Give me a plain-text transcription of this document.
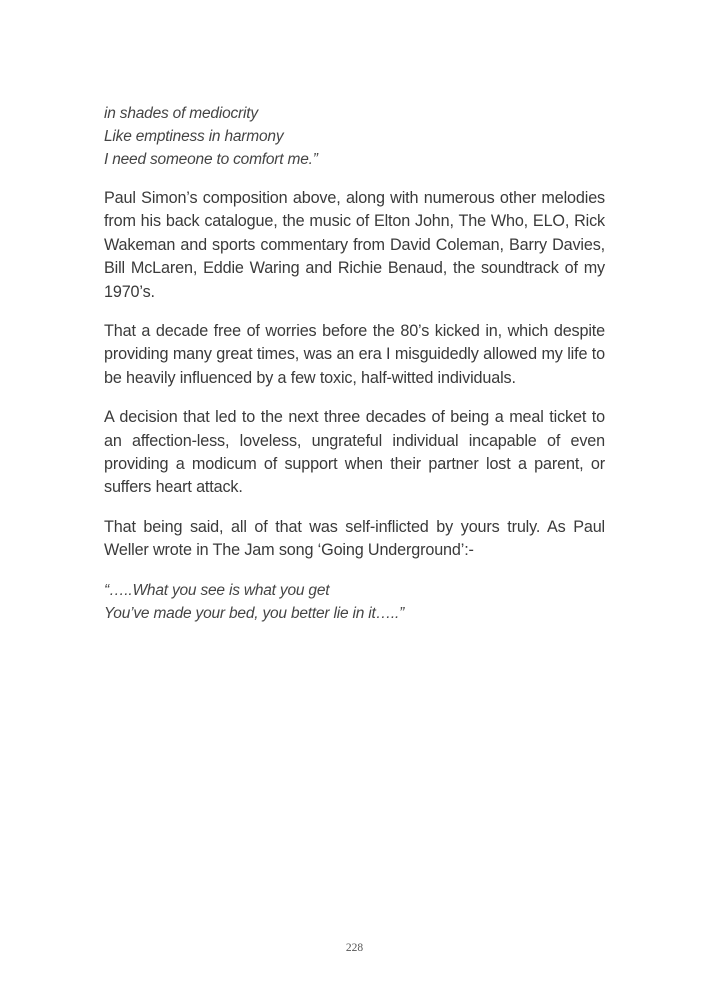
in shades of mediocrity
Like emptiness in harmony
I need someone to comfort me.”

Paul Simon’s composition above, along with numerous other melodies from his back catalogue, the music of Elton John, The Who, ELO, Rick Wakeman and sports commentary from David Coleman, Barry Davies, Bill McLaren, Eddie Waring and Richie Benaud, the soundtrack of my 1970’s.

That a decade free of worries before the 80’s kicked in, which despite providing many great times, was an era I misguidedly allowed my life to be heavily influenced by a few toxic, half-witted individuals.

A decision that led to the next three decades of being a meal ticket to an affection-less, loveless, ungrateful individual incapable of even providing a modicum of support when their partner lost a parent, or suffers heart attack.

That being said, all of that was self-inflicted by yours truly. As Paul Weller wrote in The Jam song ‘Going Underground’:-

“…..What you see is what you get
You’ve made your bed, you better lie in it…..”
228
